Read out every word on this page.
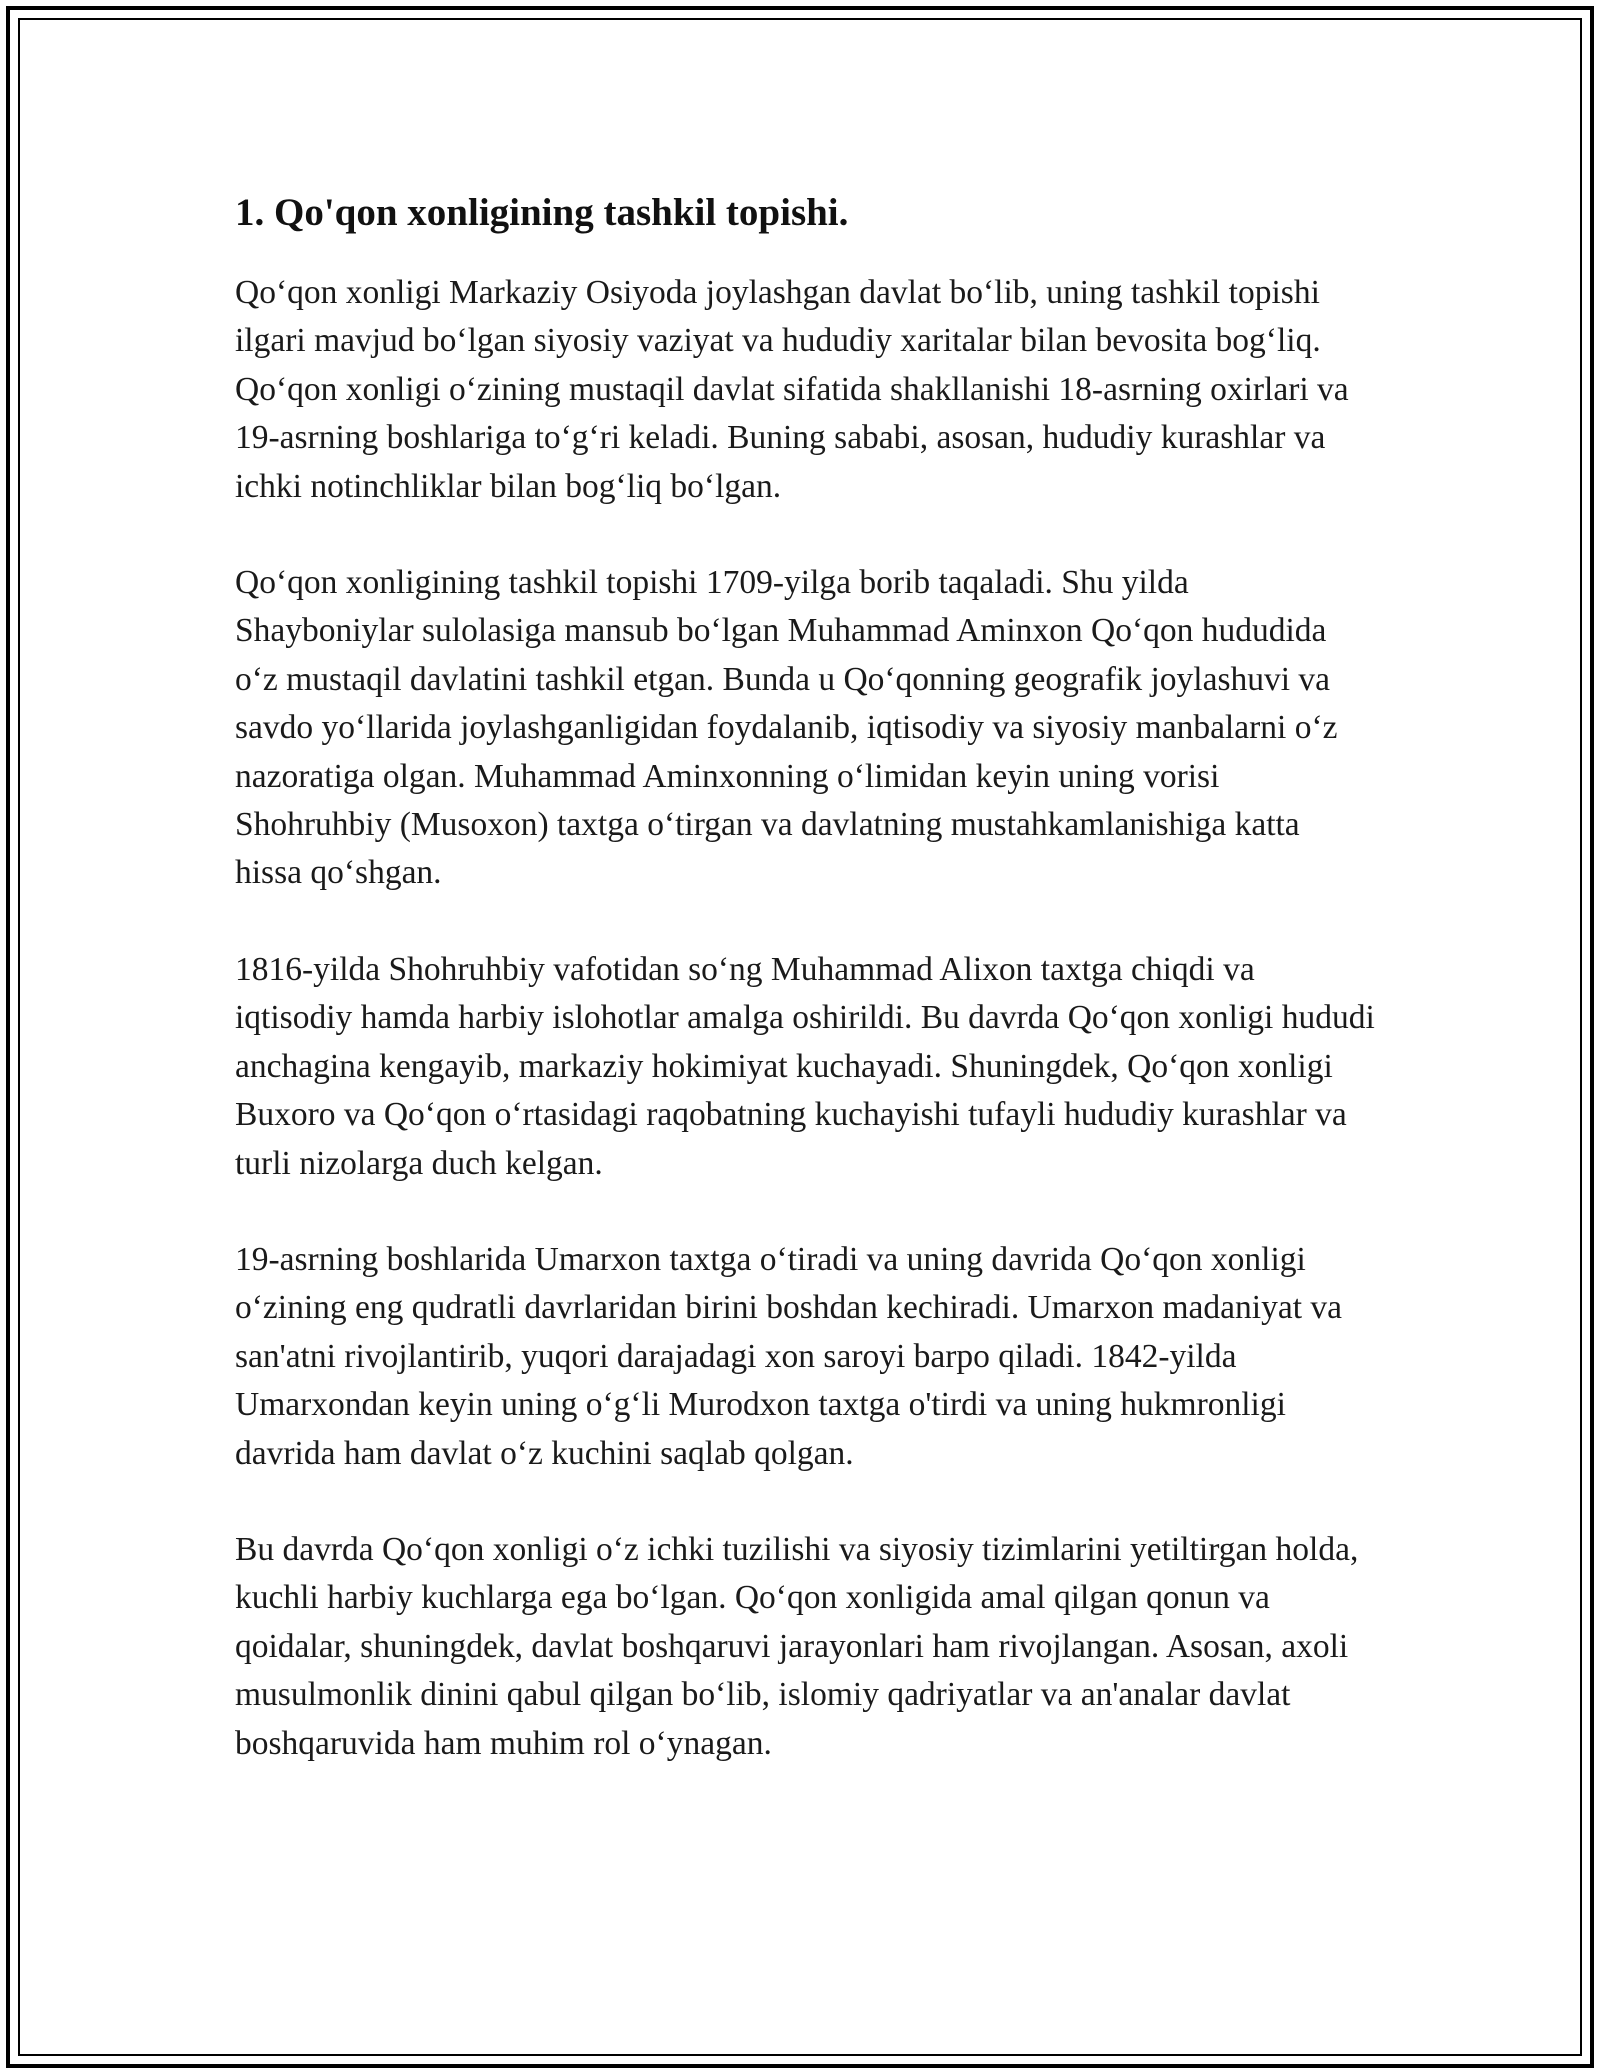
1. Qo'qon xonligining tashkil topishi.

Qo‘qon xonligi Markaziy Osiyoda joylashgan davlat bo‘lib, uning tashkil topishi ilgari mavjud bo‘lgan siyosiy vaziyat va hududiy xaritalar bilan bevosita bog‘liq. Qo‘qon xonligi o‘zining mustaqil davlat sifatida shakllanishi 18-asrning oxirlari va 19-asrning boshlariga to‘g‘ri keladi. Buning sababi, asosan, hududiy kurashlar va ichki notinchliklar bilan bog‘liq bo‘lgan.

Qo‘qon xonligining tashkil topishi 1709-yilga borib taqaladi. Shu yilda Shayboniylar sulolasiga mansub bo‘lgan Muhammad Aminxon Qo‘qon hududida o‘z mustaqil davlatini tashkil etgan. Bunda u Qo‘qonning geografik joylashuvi va savdo yo‘llarida joylashganligidan foydalanib, iqtisodiy va siyosiy manbalarni o‘z nazoratiga olgan. Muhammad Aminxonning o‘limidan keyin uning vorisi Shohruhbiy (Musoxon) taxtga o‘tirgan va davlatning mustahkamlanishiga katta hissa qo‘shgan.

1816-yilda Shohruhbiy vafotidan so‘ng Muhammad Alixon taxtga chiqdi va iqtisodiy hamda harbiy islohotlar amalga oshirildi. Bu davrda Qo‘qon xonligi hududi anchagina kengayib, markaziy hokimiyat kuchayadi. Shuningdek, Qo‘qon xonligi Buxoro va Qo‘qon o‘rtasidagi raqobatning kuchayishi tufayli hududiy kurashlar va turli nizolarga duch kelgan.

19-asrning boshlarida Umarxon taxtga o‘tiradi va uning davrida Qo‘qon xonligi o‘zining eng qudratli davrlaridan birini boshdan kechiradi. Umarxon madaniyat va san'atni rivojlantirib, yuqori darajadagi xon saroyi barpo qiladi. 1842-yilda Umarxondan keyin uning o‘g‘li Murodxon taxtga o'tirdi va uning hukmronligi davrida ham davlat o‘z kuchini saqlab qolgan.

Bu davrda Qo‘qon xonligi o‘z ichki tuzilishi va siyosiy tizimlarini yetiltirgan holda, kuchli harbiy kuchlarga ega bo‘lgan. Qo‘qon xonligida amal qilgan qonun va qoidalar, shuningdek, davlat boshqaruvi jarayonlari ham rivojlangan. Asosan, axoli musulmonlik dinini qabul qilgan bo‘lib, islomiy qadriyatlar va an'analar davlat boshqaruvida ham muhim rol o‘ynagan.
